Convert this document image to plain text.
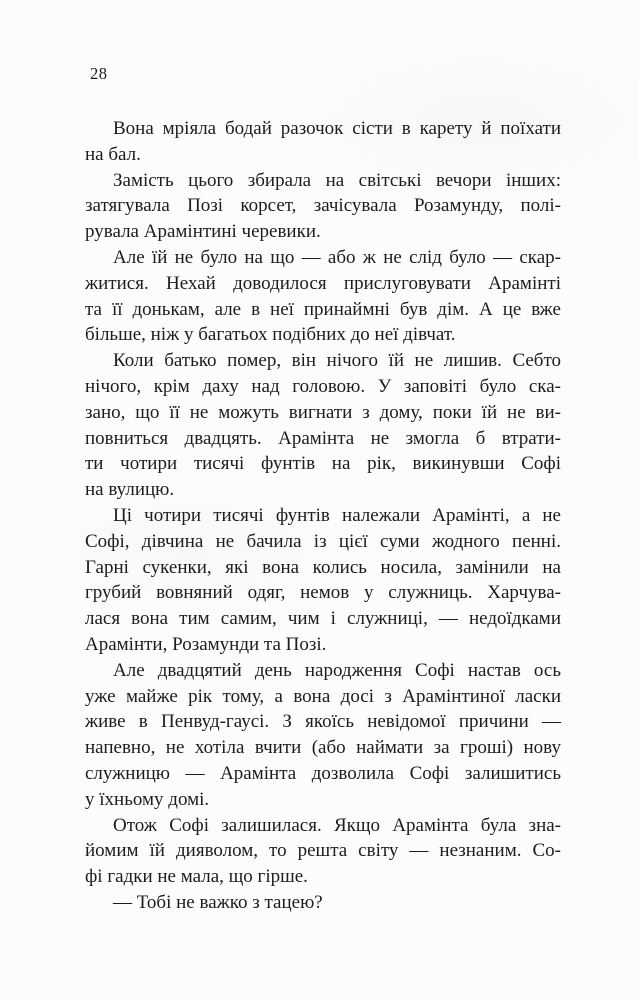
28
Вона мріяла бодай разочок сісти в карету й поїхати
на бал.
Замість цього збирала на світські вечори інших:
затягувала Позі корсет, зачісувала Розамунду, полі-
рувала Арамінтині черевики.
Але їй не було на що — або ж не слід було — скар-
житися. Нехай доводилося прислуговувати Арамінті
та її донькам, але в неї принаймні був дім. А це вже
більше, ніж у багатьох подібних до неї дівчат.
Коли батько помер, він нічого їй не лишив. Себто
нічого, крім даху над головою. У заповіті було ска-
зано, що її не можуть вигнати з дому, поки їй не ви-
повниться двадцять. Арамінта не змогла б втрати-
ти чотири тисячі фунтів на рік, викинувши Софі
на вулицю.
Ці чотири тисячі фунтів належали Арамінті, а не
Софі, дівчина не бачила із цієї суми жодного пенні.
Гарні сукенки, які вона колись носила, замінили на
грубий вовняний одяг, немов у служниць. Харчува-
лася вона тим самим, чим і служниці, — недоїдками
Арамінти, Розамунди та Позі.
Але двадцятий день народження Софі настав ось
уже майже рік тому, а вона досі з Арамінтиної ласки
живе в Пенвуд-гаусі. З якоїсь невідомої причини —
напевно, не хотіла вчити (або наймати за гроші) нову
служницю — Арамінта дозволила Софі залишитись
у їхньому домі.
Отож Софі залишилася. Якщо Арамінта була зна-
йомим їй дияволом, то решта світу — незнаним. Со-
фі гадки не мала, що гірше.
— Тобі не важко з тацею?
